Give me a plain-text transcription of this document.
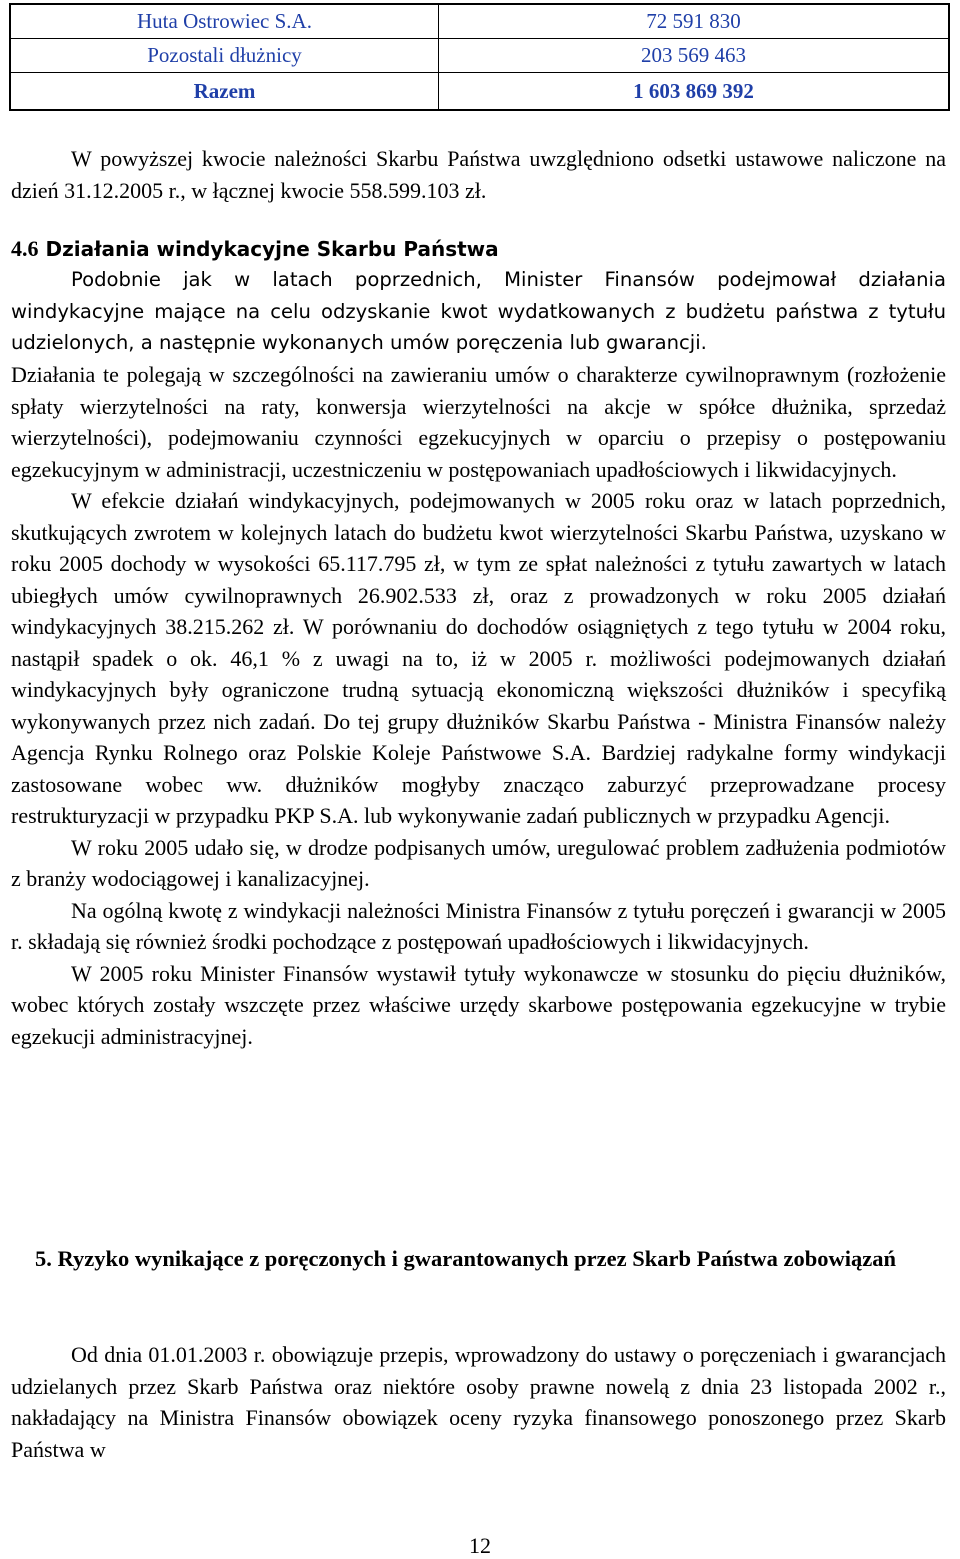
Huta Ostrowiec S.A.	72 591 830
Pozostali dłużnicy	203 569 463
Razem	1 603 869 392

W powyższej kwocie należności Skarbu Państwa uwzględniono odsetki ustawowe naliczone na dzień 31.12.2005 r., w łącznej kwocie 558.599.103 zł.

4.6 Działania windykacyjne Skarbu Państwa

Podobnie jak w latach poprzednich, Minister Finansów podejmował działania windykacyjne mające na celu odzyskanie kwot wydatkowanych z budżetu państwa z tytułu udzielonych, a następnie wykonanych umów poręczenia lub gwarancji.

Działania te polegają w szczególności na zawieraniu umów o charakterze cywilnoprawnym (rozłożenie spłaty wierzytelności na raty, konwersja wierzytelności na akcje w spółce dłużnika, sprzedaż wierzytelności), podejmowaniu czynności egzekucyjnych w oparciu o przepisy o postępowaniu egzekucyjnym w administracji, uczestniczeniu w postępowaniach upadłościowych i likwidacyjnych.

W efekcie działań windykacyjnych, podejmowanych w 2005 roku oraz w latach poprzednich, skutkujących zwrotem w kolejnych latach do budżetu kwot wierzytelności Skarbu Państwa, uzyskano w roku 2005 dochody w wysokości 65.117.795 zł, w tym ze spłat należności z tytułu zawartych w latach ubiegłych umów cywilnoprawnych 26.902.533 zł, oraz z prowadzonych w roku 2005 działań windykacyjnych 38.215.262 zł. W porównaniu do dochodów osiągniętych z tego tytułu w 2004 roku, nastąpił spadek o ok. 46,1 % z uwagi na to, iż w 2005 r. możliwości podejmowanych działań windykacyjnych były ograniczone trudną sytuacją ekonomiczną większości dłużników i specyfiką wykonywanych przez nich zadań. Do tej grupy dłużników Skarbu Państwa - Ministra Finansów należy Agencja Rynku Rolnego oraz Polskie Koleje Państwowe S.A. Bardziej radykalne formy windykacji zastosowane wobec ww. dłużników mogłyby znacząco zaburzyć przeprowadzane procesy restrukturyzacji w przypadku PKP S.A. lub wykonywanie zadań publicznych w przypadku Agencji.

W roku 2005 udało się, w drodze podpisanych umów, uregulować problem zadłużenia podmiotów z branży wodociągowej i kanalizacyjnej.

Na ogólną kwotę z windykacji należności Ministra Finansów z tytułu poręczeń i gwarancji w 2005 r. składają się również środki pochodzące z postępowań upadłościowych i likwidacyjnych.

W 2005 roku Minister Finansów wystawił tytuły wykonawcze w stosunku do pięciu dłużników, wobec których zostały wszczęte przez właściwe urzędy skarbowe postępowania egzekucyjne w trybie egzekucji administracyjnej.

5. Ryzyko wynikające z poręczonych i gwarantowanych przez Skarb Państwa zobowiązań

Od dnia 01.01.2003 r. obowiązuje przepis, wprowadzony do ustawy o poręczeniach i gwarancjach udzielanych przez Skarb Państwa oraz niektóre osoby prawne nowelą z dnia 23 listopada 2002 r., nakładający na Ministra Finansów obowiązek oceny ryzyka finansowego ponoszonego przez Skarb Państwa w

12
